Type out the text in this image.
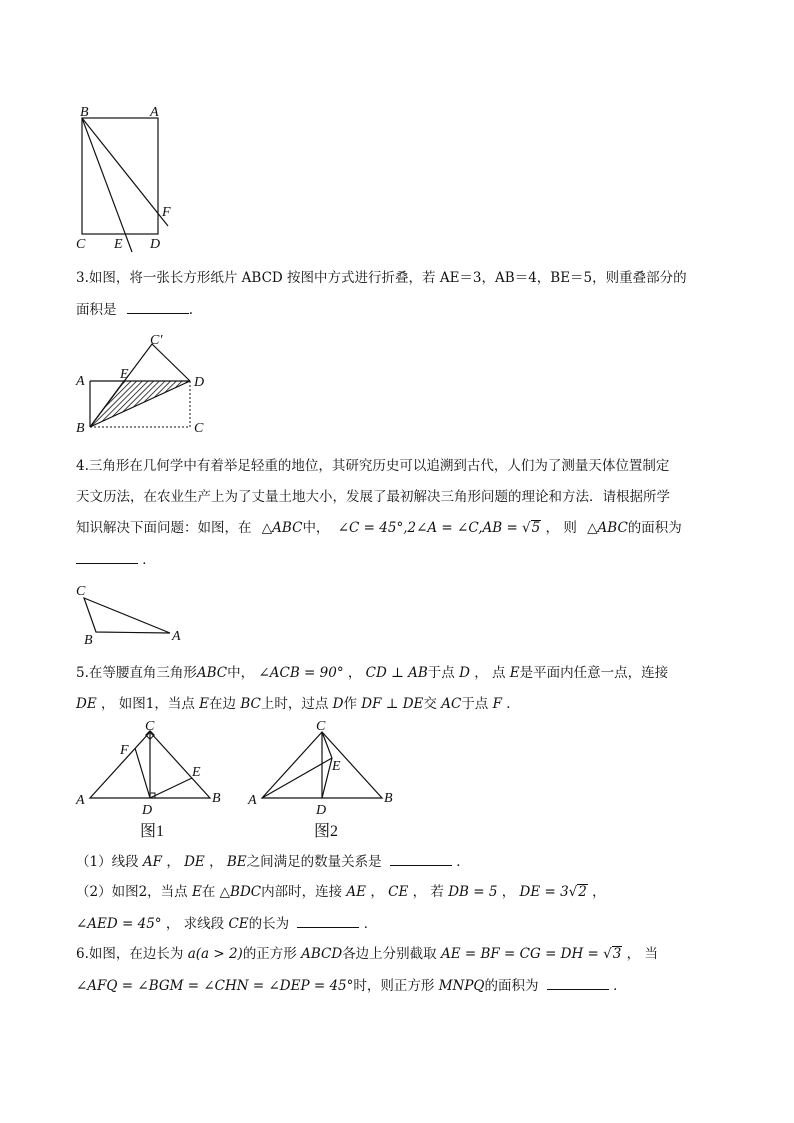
B	A
F
C E D
3.如图，将一张长方形纸片 ABCD 按图中方式进行折叠，若 AE＝3，AB＝4，BE＝5，则重叠部分的
面积是	.
C′
A	E
D
B	C
4.三角形在几何学中有着举足轻重的地位，其研究历史可以追溯到古代，人们为了测量天体位置制定
天文历法，在农业生产上为了丈量土地大小，发展了最初解决三角形问题的理论和方法．请根据所学
知识解决下面问题：如图，在 △ABC中， ∠C = 45°,2∠A = ∠C,AB = √5 ， 则 △ABC的面积为
．
C
B	A
5.在等腰直角三角形ABC中， ∠ACB = 90° ， CD ⊥ AB于点 D ， 点 E是平面内任意一点，连接
DE ， 如图1，当点 E在边 BC上时，过点 D作 DF ⊥ DE交 AC于点 F ．
C
F
E
A
D
B
图1
C
E
A
D
B
图2
（1）线段 AF ， DE ， BE之间满足的数量关系是	．
（2）如图2，当点 E在 △BDC内部时，连接 AE ， CE ， 若 DB = 5 ， DE = 3√2 ，
∠AED = 45° ， 求线段 CE的长为	．
6.如图，在边长为 a(a > 2)的正方形 ABCD各边上分别截取 AE = BF = CG = DH = √3 ， 当
∠AFQ = ∠BGM = ∠CHN = ∠DEP = 45°时，则正方形 MNPQ的面积为	．
